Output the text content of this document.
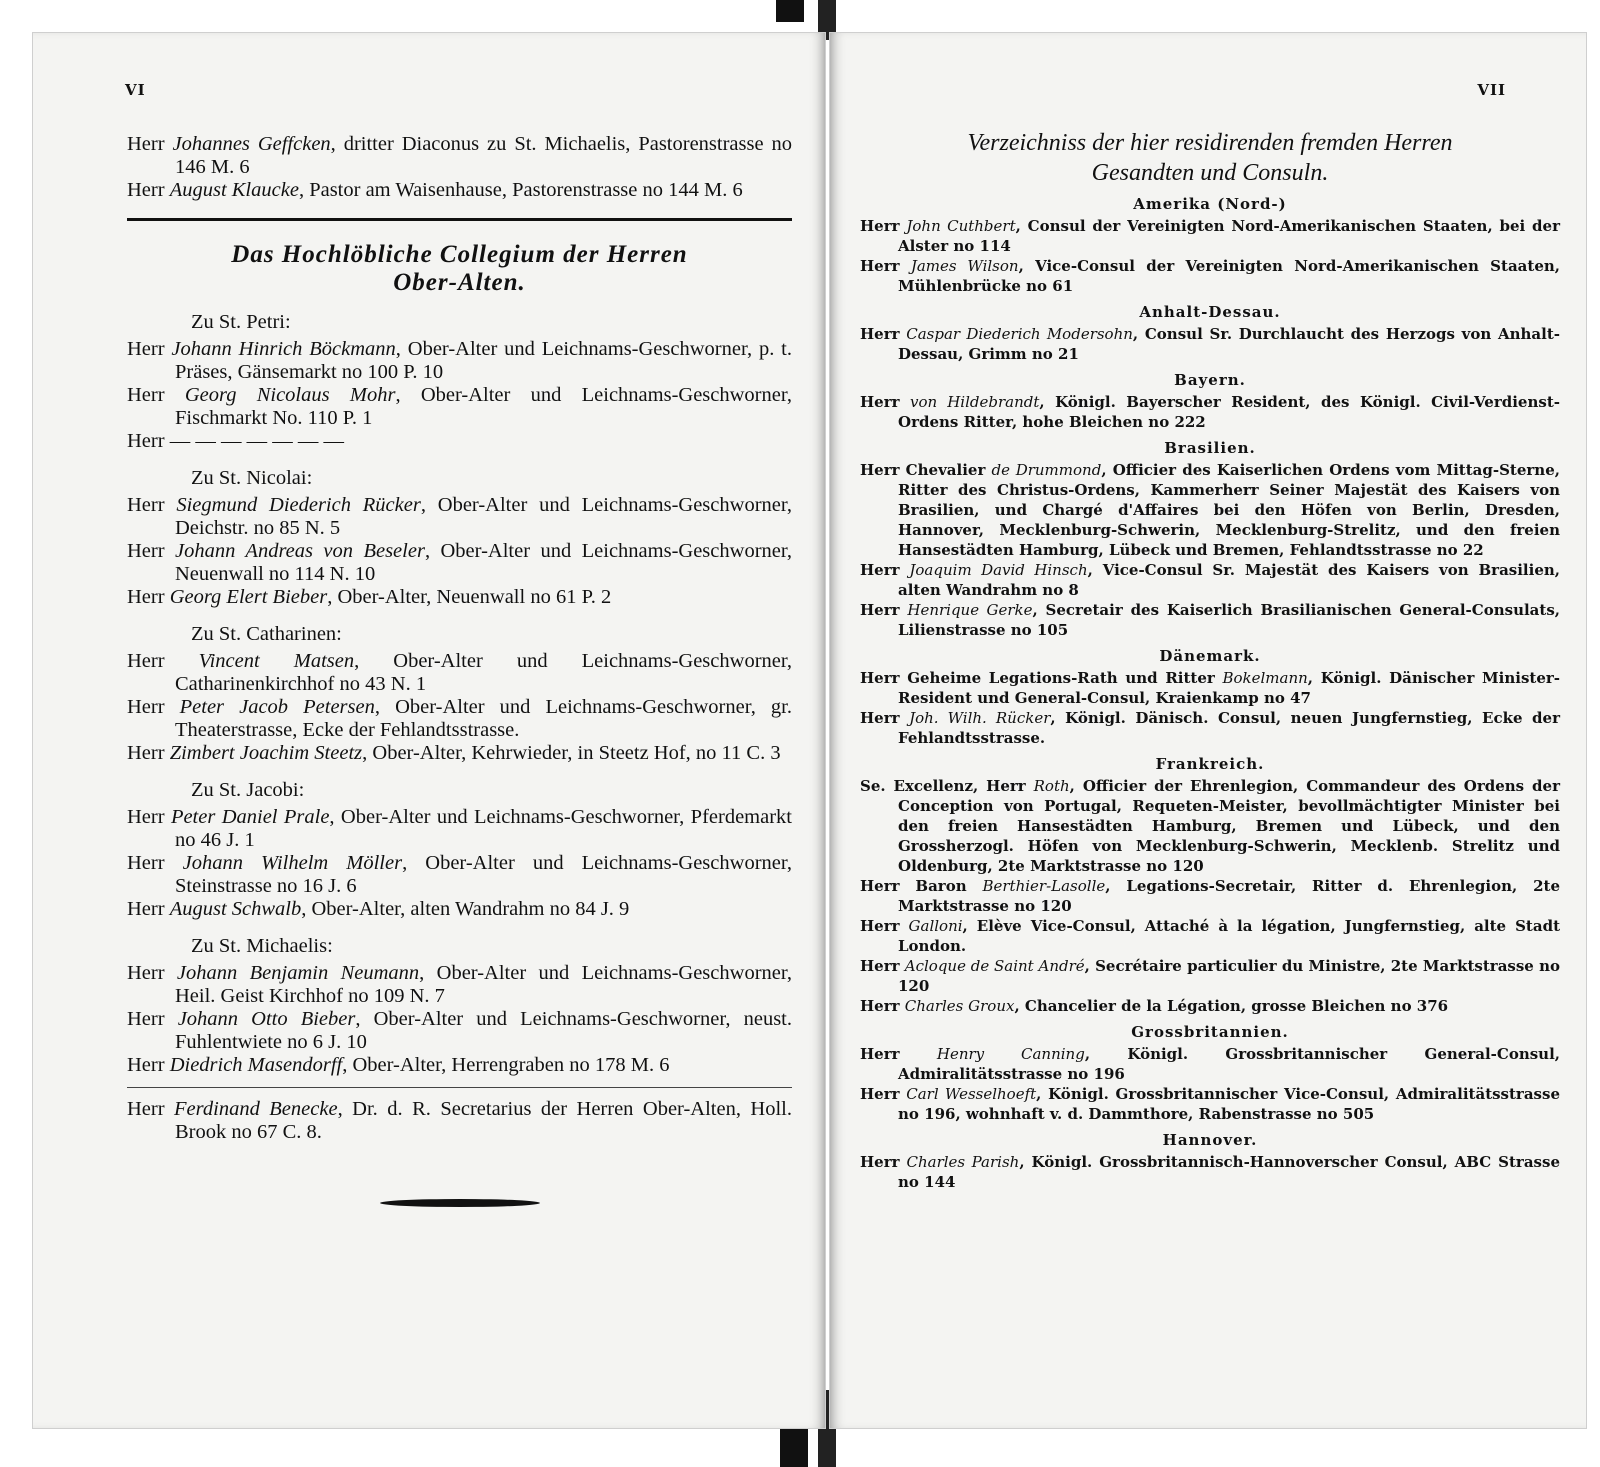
VI

Herr Johannes Geffcken, dritter Diaconus zu St. Michaelis, Pastorenstrasse no 146 M. 6

Herr August Klaucke, Pastor am Waisenhause, Pastorenstrasse no 144 M. 6

Das Hochlöbliche Collegium der Herren

Ober-Alten.

Zu St. Petri:

Herr Johann Hinrich Böckmann, Ober-Alter und Leichnams-Geschworner, p. t. Präses, Gänsemarkt no 100 P. 10

Herr Georg Nicolaus Mohr, Ober-Alter und Leichnams-Geschworner, Fischmarkt No. 110 P. 1

Herr — — — — — — —

Zu St. Nicolai:

Herr Siegmund Diederich Rücker, Ober-Alter und Leichnams-Geschworner, Deichstr. no 85 N. 5

Herr Johann Andreas von Beseler, Ober-Alter und Leichnams-Geschworner, Neuenwall no 114 N. 10

Herr Georg Elert Bieber, Ober-Alter, Neuenwall no 61 P. 2

Zu St. Catharinen:

Herr Vincent Matsen, Ober-Alter und Leichnams-Geschworner, Catharinenkirchhof no 43 N. 1

Herr Peter Jacob Petersen, Ober-Alter und Leichnams-Geschworner, gr. Theaterstrasse, Ecke der Fehlandtsstrasse.

Herr Zimbert Joachim Steetz, Ober-Alter, Kehrwieder, in Steetz Hof, no 11 C. 3

Zu St. Jacobi:

Herr Peter Daniel Prale, Ober-Alter und Leichnams-Geschworner, Pferdemarkt no 46 J. 1

Herr Johann Wilhelm Möller, Ober-Alter und Leichnams-Geschworner, Steinstrasse no 16 J. 6

Herr August Schwalb, Ober-Alter, alten Wandrahm no 84 J. 9

Zu St. Michaelis:

Herr Johann Benjamin Neumann, Ober-Alter und Leichnams-Geschworner, Heil. Geist Kirchhof no 109 N. 7

Herr Johann Otto Bieber, Ober-Alter und Leichnams-Geschworner, neust. Fuhlentwiete no 6 J. 10

Herr Diedrich Masendorff, Ober-Alter, Herrengraben no 178 M. 6

Herr Ferdinand Benecke, Dr. d. R. Secretarius der Herren Ober-Alten, Holl. Brook no 67 C. 8.

VII

Verzeichniss der hier residirenden fremden Herren

Gesandten und Consuln.

Amerika (Nord-)

Herr John Cuthbert, Consul der Vereinigten Nord-Amerikanischen Staaten, bei der Alster no 114

Herr James Wilson, Vice-Consul der Vereinigten Nord-Amerikanischen Staaten, Mühlenbrücke no 61

Anhalt-Dessau.

Herr Caspar Diederich Modersohn, Consul Sr. Durchlaucht des Herzogs von Anhalt-Dessau, Grimm no 21

Bayern.

Herr von Hildebrandt, Königl. Bayerscher Resident, des Königl. Civil-Verdienst-Ordens Ritter, hohe Bleichen no 222

Brasilien.

Herr Chevalier de Drummond, Officier des Kaiserlichen Ordens vom Mittag-Sterne, Ritter des Christus-Ordens, Kammerherr Seiner Majestät des Kaisers von Brasilien, und Chargé d'Affaires bei den Höfen von Berlin, Dresden, Hannover, Mecklenburg-Schwerin, Mecklenburg-Strelitz, und den freien Hansestädten Hamburg, Lübeck und Bremen, Fehlandtsstrasse no 22

Herr Joaquim David Hinsch, Vice-Consul Sr. Majestät des Kaisers von Brasilien, alten Wandrahm no 8

Herr Henrique Gerke, Secretair des Kaiserlich Brasilianischen General-Consulats, Lilienstrasse no 105

Dänemark.

Herr Geheime Legations-Rath und Ritter Bokelmann, Königl. Dänischer Minister-Resident und General-Consul, Kraienkamp no 47

Herr Joh. Wilh. Rücker, Königl. Dänisch. Consul, neuen Jungfernstieg, Ecke der Fehlandtsstrasse.

Frankreich.

Se. Excellenz, Herr Roth, Officier der Ehrenlegion, Commandeur des Ordens der Conception von Portugal, Requeten-Meister, bevollmächtigter Minister bei den freien Hansestädten Hamburg, Bremen und Lübeck, und den Grossherzogl. Höfen von Mecklenburg-Schwerin, Mecklenb. Strelitz und Oldenburg, 2te Marktstrasse no 120

Herr Baron Berthier-Lasolle, Legations-Secretair, Ritter d. Ehrenlegion, 2te Marktstrasse no 120

Herr Galloni, Elève Vice-Consul, Attaché à la légation, Jungfernstieg, alte Stadt London.

Herr Acloque de Saint André, Secrétaire particulier du Ministre, 2te Marktstrasse no 120

Herr Charles Groux, Chancelier de la Légation, grosse Bleichen no 376

Grossbritannien.

Herr Henry Canning, Königl. Grossbritannischer General-Consul, Admiralitätsstrasse no 196

Herr Carl Wesselhoeft, Königl. Grossbritannischer Vice-Consul, Admiralitätsstrasse no 196, wohnhaft v. d. Dammthore, Rabenstrasse no 505

Hannover.

Herr Charles Parish, Königl. Grossbritannisch-Hannoverscher Consul, ABC Strasse no 144
